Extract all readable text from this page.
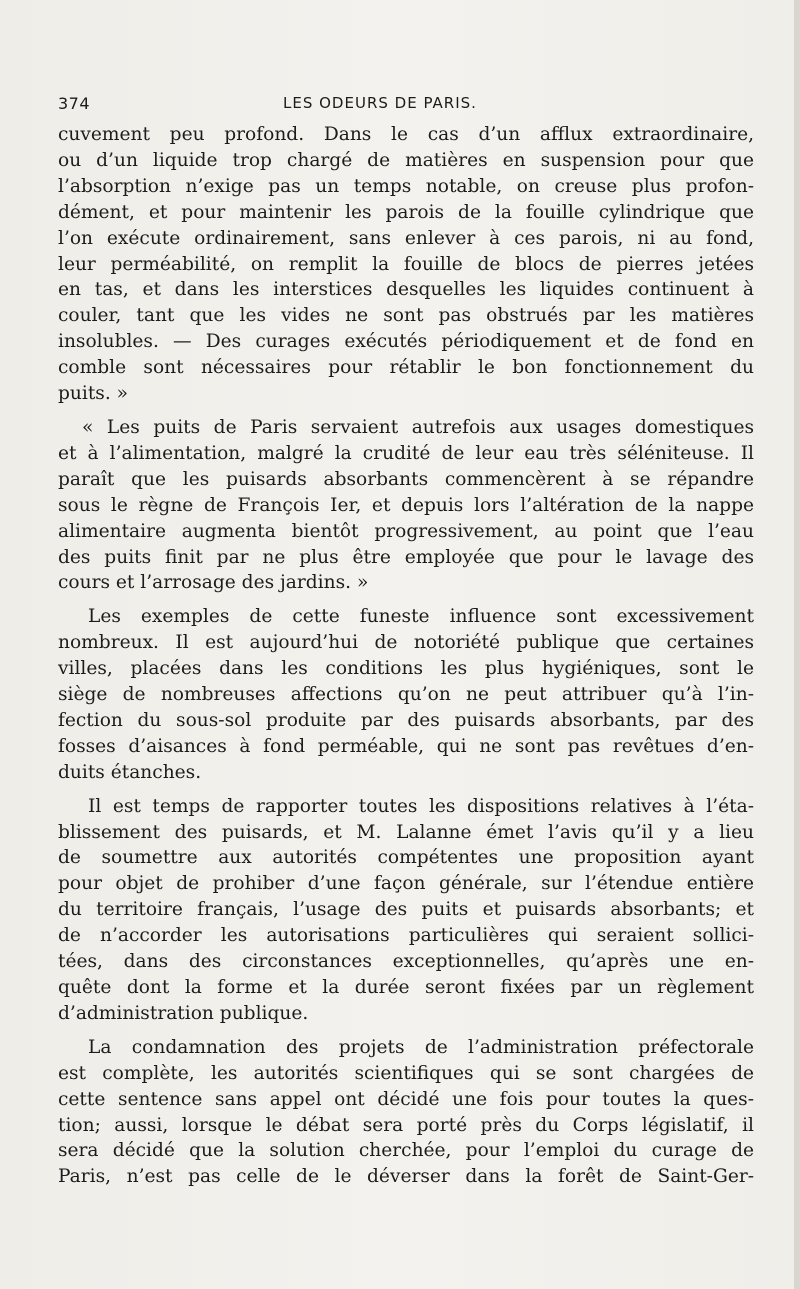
374	LES ODEURS DE PARIS.

cuvement peu profond. Dans le cas d’un afflux extraordinaire,
ou d’un liquide trop chargé de matières en suspension pour que
l’absorption n’exige pas un temps notable, on creuse plus profon-
dément, et pour maintenir les parois de la fouille cylindrique que
l’on exécute ordinairement, sans enlever à ces parois, ni au fond,
leur perméabilité, on remplit la fouille de blocs de pierres jetées
en tas, et dans les interstices desquelles les liquides continuent à
couler, tant que les vides ne sont pas obstrués par les matières
insolubles. — Des curages exécutés périodiquement et de fond en
comble sont nécessaires pour rétablir le bon fonctionnement du
puits. »

« Les puits de Paris servaient autrefois aux usages domestiques
et à l’alimentation, malgré la crudité de leur eau très séléniteuse. Il
paraît que les puisards absorbants commencèrent à se répandre
sous le règne de François Ier, et depuis lors l’altération de la nappe
alimentaire augmenta bientôt progressivement, au point que l’eau
des puits finit par ne plus être employée que pour le lavage des
cours et l’arrosage des jardins. »

Les exemples de cette funeste influence sont excessivement
nombreux. Il est aujourd’hui de notoriété publique que certaines
villes, placées dans les conditions les plus hygiéniques, sont le
siège de nombreuses affections qu’on ne peut attribuer qu’à l’in-
fection du sous-sol produite par des puisards absorbants, par des
fosses d’aisances à fond perméable, qui ne sont pas revêtues d’en-
duits étanches.

Il est temps de rapporter toutes les dispositions relatives à l’éta-
blissement des puisards, et M. Lalanne émet l’avis qu’il y a lieu
de soumettre aux autorités compétentes une proposition ayant
pour objet de prohiber d’une façon générale, sur l’étendue entière
du territoire français, l’usage des puits et puisards absorbants; et
de n’accorder les autorisations particulières qui seraient sollici-
tées, dans des circonstances exceptionnelles, qu’après une en-
quête dont la forme et la durée seront fixées par un règlement
d’administration publique.

La condamnation des projets de l’administration préfectorale
est complète, les autorités scientifiques qui se sont chargées de
cette sentence sans appel ont décidé une fois pour toutes la ques-
tion; aussi, lorsque le débat sera porté près du Corps législatif, il
sera décidé que la solution cherchée, pour l’emploi du curage de
Paris, n’est pas celle de le déverser dans la forêt de Saint-Ger-
